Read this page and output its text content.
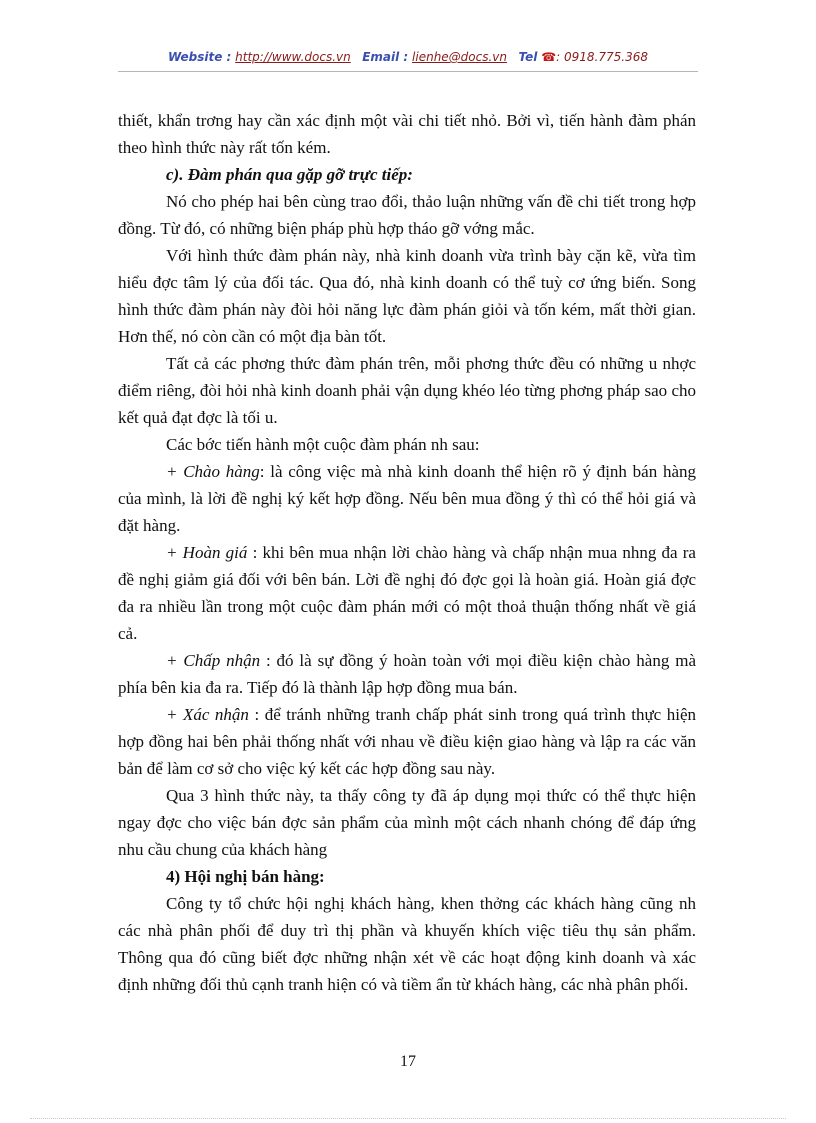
Website : http://www.docs.vn Email : lienhe@docs.vn Tel ☎: 0918.775.368

thiết, khẩn trơng hay cần xác định một vài chi tiết nhỏ. Bởi vì, tiến hành đàm phán theo hình thức này rất tốn kém.

c). Đàm phán qua gặp gỡ trực tiếp:

Nó cho phép hai bên cùng trao đổi, thảo luận những vấn đề chi tiết trong hợp đồng. Từ đó, có những biện pháp phù hợp tháo gỡ vớng mắc.

Với hình thức đàm phán này, nhà kinh doanh vừa trình bày cặn kẽ, vừa tìm hiểu đợc tâm lý của đối tác. Qua đó, nhà kinh doanh có thể tuỳ cơ ứng biến. Song hình thức đàm phán này đòi hỏi năng lực đàm phán giỏi và tốn kém, mất thời gian. Hơn thế, nó còn cần có một địa bàn tốt.

Tất cả các phơng thức đàm phán trên, mỗi phơng thức đều có những u nhợc điểm riêng, đòi hỏi nhà kinh doanh phải vận dụng khéo léo từng phơng pháp sao cho kết quả đạt đợc là tối u.

Các bớc tiến hành một cuộc đàm phán nh sau:

+ Chào hàng: là công việc mà nhà kinh doanh thể hiện rõ ý định bán hàng của mình, là lời đề nghị ký kết hợp đồng. Nếu bên mua đồng ý thì có thể hỏi giá và đặt hàng.

+ Hoàn giá : khi bên mua nhận lời chào hàng và chấp nhận mua nhng đa ra đề nghị giảm giá đối với bên bán. Lời đề nghị đó đợc gọi là hoàn giá. Hoàn giá đợc đa ra nhiều lần trong một cuộc đàm phán mới có một thoả thuận thống nhất về giá cả.

+ Chấp nhận : đó là sự đồng ý hoàn toàn với mọi điều kiện chào hàng mà phía bên kia đa ra. Tiếp đó là thành lập hợp đồng mua bán.

+ Xác nhận : để tránh những tranh chấp phát sinh trong quá trình thực hiện hợp đồng hai bên phải thống nhất với nhau về điều kiện giao hàng và lập ra các văn bản để làm cơ sở cho việc ký kết các hợp đồng sau này.

Qua 3 hình thức này, ta thấy công ty đã áp dụng mọi thức có thể thực hiện ngay đợc cho việc bán đợc sản phẩm của mình một cách nhanh chóng để đáp ứng nhu cầu chung của khách hàng

4) Hội nghị bán hàng:

Công ty tổ chức hội nghị khách hàng, khen thởng các khách hàng cũng nh các nhà phân phối để duy trì thị phần và khuyến khích việc tiêu thụ sản phẩm. Thông qua đó cũng biết đợc những nhận xét về các hoạt động kinh doanh và xác định những đối thủ cạnh tranh hiện có và tiềm ẩn từ khách hàng, các nhà phân phối.

17
